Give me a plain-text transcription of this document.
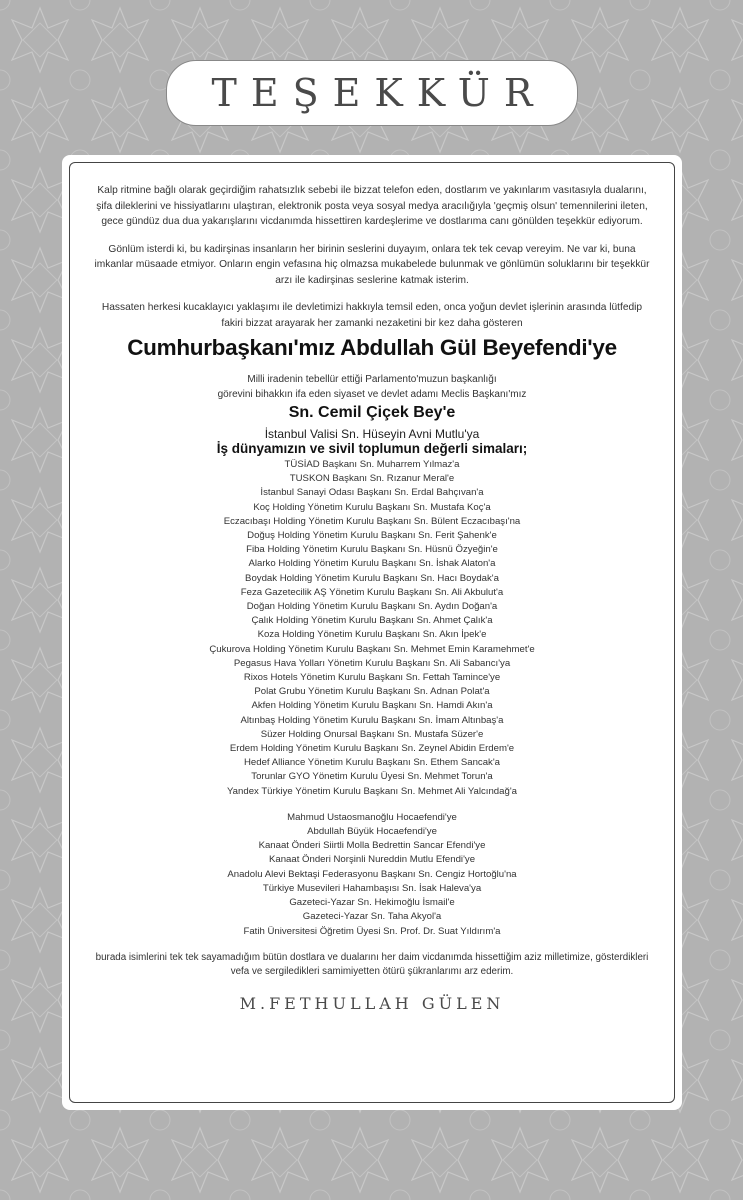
TEŞEKKÜR

Kalp ritmine bağlı olarak geçirdiğim rahatsızlık sebebi ile bizzat telefon eden, dostlarım ve yakınlarım vasıtasıyla dualarını, şifa dileklerini ve hissiyatlarını ulaştıran, elektronik posta veya sosyal medya aracılığıyla 'geçmiş olsun' temennilerini ileten, gece gündüz dua dua yakarışlarını vicdanımda hissettiren kardeşlerime ve dostlarıma canı gönülden teşekkür ediyorum.

Gönlüm isterdi ki, bu kadirşinas insanların her birinin seslerini duyayım, onlara tek tek cevap vereyim. Ne var ki, buna imkanlar müsaade etmiyor. Onların engin vefasına hiç olmazsa mukabelede bulunmak ve gönlümün soluklarını bir teşekkür arzı ile kadirşinas seslerine katmak isterim.

Hassaten herkesi kucaklayıcı yaklaşımı ile devletimizi hakkıyla temsil eden, onca yoğun devlet işlerinin arasında lütfedip fakiri bizzat arayarak her zamanki nezaketini bir kez daha gösteren

Cumhurbaşkanı'mız Abdullah Gül Beyefendi'ye

Milli iradenin tebellür ettiği Parlamento'muzun başkanlığı

görevini bihakkın ifa eden siyaset ve devlet adamı Meclis Başkanı'mız

Sn. Cemil Çiçek Bey'e

İstanbul Valisi Sn. Hüseyin Avni Mutlu'ya

İş dünyamızın ve sivil toplumun değerli simaları;
TÜSİAD Başkanı Sn. Muharrem Yılmaz'a
TUSKON Başkanı Sn. Rızanur Meral'e
İstanbul Sanayi Odası Başkanı Sn. Erdal Bahçıvan'a
Koç Holding Yönetim Kurulu Başkanı Sn. Mustafa Koç'a
Eczacıbaşı Holding Yönetim Kurulu Başkanı Sn. Bülent Eczacıbaşı'na
Doğuş Holding Yönetim Kurulu Başkanı Sn. Ferit Şahenk'e
Fiba Holding Yönetim Kurulu Başkanı Sn. Hüsnü Özyeğin'e
Alarko Holding Yönetim Kurulu Başkanı Sn. İshak Alaton'a
Boydak Holding Yönetim Kurulu Başkanı Sn. Hacı Boydak'a
Feza Gazetecilik AŞ Yönetim Kurulu Başkanı Sn. Ali Akbulut'a
Doğan Holding Yönetim Kurulu Başkanı Sn. Aydın Doğan'a
Çalık Holding Yönetim Kurulu Başkanı Sn. Ahmet Çalık'a
Koza Holding Yönetim Kurulu Başkanı Sn. Akın İpek'e
Çukurova Holding Yönetim Kurulu Başkanı Sn. Mehmet Emin Karamehmet'e
Pegasus Hava Yolları Yönetim Kurulu Başkanı Sn. Ali Sabancı'ya
Rixos Hotels Yönetim Kurulu Başkanı Sn. Fettah Tamince'ye
Polat Grubu Yönetim Kurulu Başkanı Sn. Adnan Polat'a
Akfen Holding Yönetim Kurulu Başkanı Sn. Hamdi Akın'a
Altınbaş Holding Yönetim Kurulu Başkanı Sn. İmam Altınbaş'a
Süzer Holding Onursal Başkanı Sn. Mustafa Süzer'e
Erdem Holding Yönetim Kurulu Başkanı Sn. Zeynel Abidin Erdem'e
Hedef Alliance Yönetim Kurulu Başkanı Sn. Ethem Sancak'a
Torunlar GYO Yönetim Kurulu Üyesi Sn. Mehmet Torun'a
Yandex Türkiye Yönetim Kurulu Başkanı Sn. Mehmet Ali Yalcındağ'a
Mahmud Ustaosmanoğlu Hocaefendi'ye
Abdullah Büyük Hocaefendi'ye
Kanaat Önderi Siirtli Molla Bedrettin Sancar Efendi'ye
Kanaat Önderi Norşinli Nureddin Mutlu Efendi'ye
Anadolu Alevi Bektaşi Federasyonu Başkanı Sn. Cengiz Hortoğlu'na
Türkiye Musevileri Hahambaşısı Sn. İsak Haleva'ya
Gazeteci-Yazar Sn. Hekimoğlu İsmail'e
Gazeteci-Yazar Sn. Taha Akyol'a
Fatih Üniversitesi Öğretim Üyesi Sn. Prof. Dr. Suat Yıldırım'a
burada isimlerini tek tek sayamadığım bütün dostlara ve dualarını her daim vicdanımda hissettiğim aziz milletimize, gösterdikleri vefa ve sergiledikleri samimiyetten ötürü şükranlarımı arz ederim.
M.FETHULLAH GÜLEN
